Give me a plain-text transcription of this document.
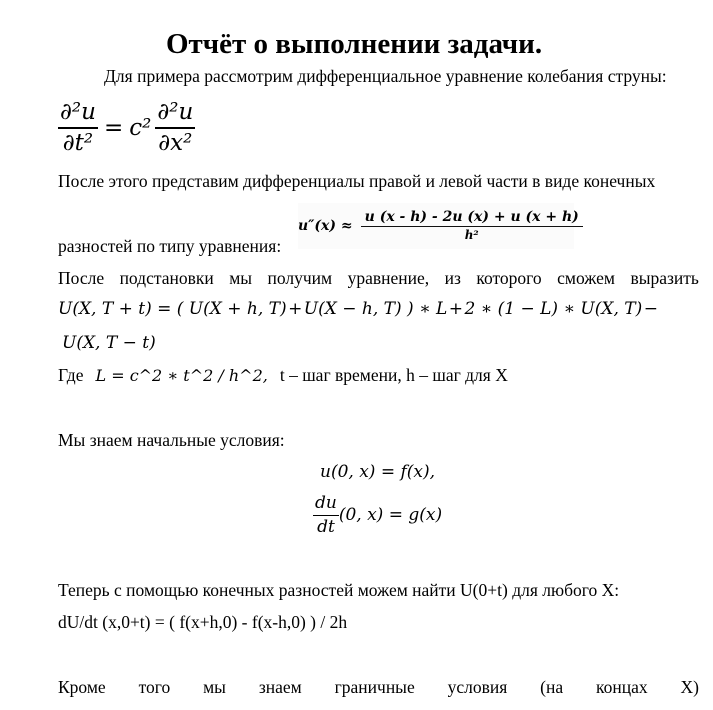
Отчёт о выполнении задачи.
Для примера рассмотрим дифференциальное уравнение колебания струны:
$\frac{\text{∂²u}}{\text{∂t²}} = c^2 \frac{\text{∂²u}}{\text{∂x²}}$
После этого представим дифференциалы правой и левой части в виде конечных
$u''(x) \approx \frac{u (x - h) - 2u (x) + u (x + h)}{\text{h²}}$
разностей по типу уравнения:
После подстановки мы получим уравнение, из которого сможем выразить
U(X, T + t) = ( U(X + h, T) + U(X − h, T) ) ∗ L + 2 ∗ (1 − L) ∗ U(X, T) −
U(X, T − t)
Где L = c^2 ∗ t^2 / h^2, t – шаг времени, h – шаг для X
Мы знаем начальные условия:
u(0, x) = f(x),
$\frac{du}{dt} (0$, x) = g(x)
Теперь с помощью конечных разностей можем найти U(0+t) для любого X:
dU/dt (x,0+t) = ( f(x+h,0) - f(x-h,0) ) / 2h
Кроме того мы знаем граничные условия (на концах X)
